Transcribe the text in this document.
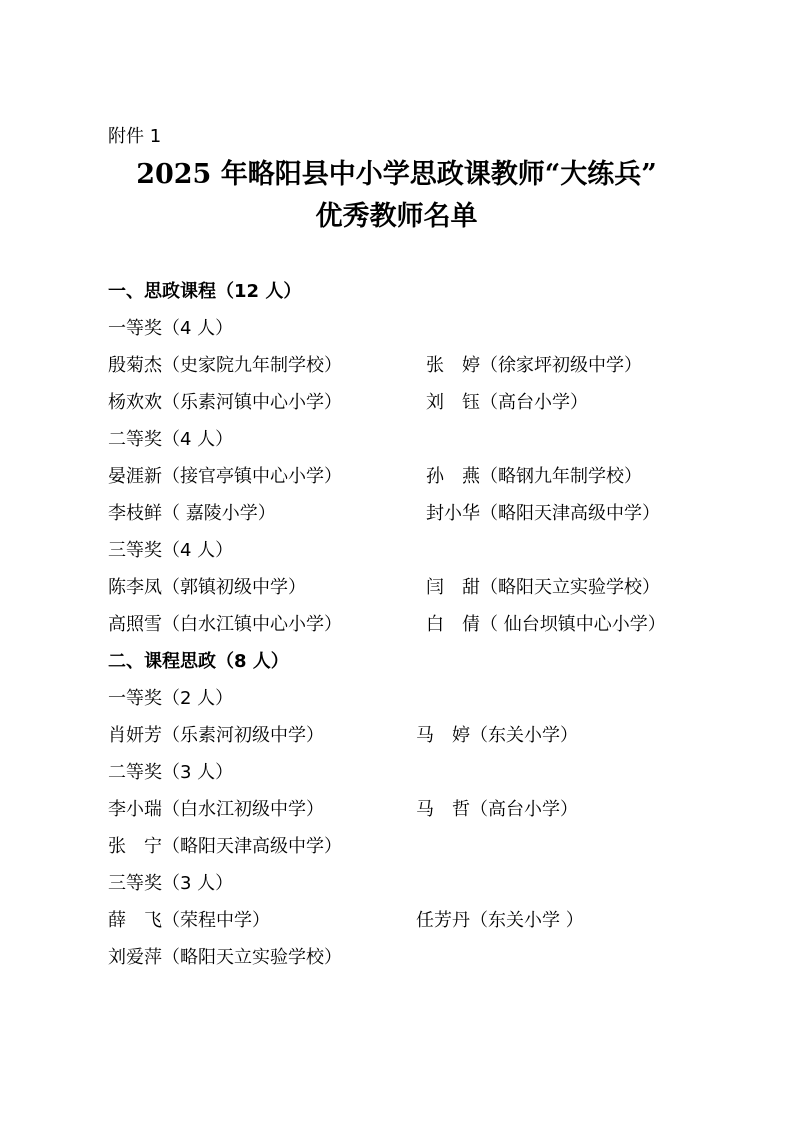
附件 1
2025 年略阳县中小学思政课教师“大练兵”
优秀教师名单
一、思政课程（12 人）
一等奖（4 人）
殷菊杰（史家院九年制学校）	张　婷（徐家坪初级中学）
杨欢欢（乐素河镇中心小学）	刘　钰（高台小学）
二等奖（4 人）
晏涯新（接官亭镇中心小学）	孙　燕（略钢九年制学校）
李枝鲜（ 嘉陵小学）	封小华（略阳天津高级中学）
三等奖（4 人）
陈李凤（郭镇初级中学）	闫　甜（略阳天立实验学校）
高照雪（白水江镇中心小学）	白　倩（ 仙台坝镇中心小学）
二、课程思政（8 人）
一等奖（2 人）
肖妍芳（乐素河初级中学）	马　婷（东关小学）
二等奖（3 人）
李小瑞（白水江初级中学）	马　哲（高台小学）
张　宁（略阳天津高级中学）
三等奖（3 人）
薛　飞（荣程中学）	任芳丹（东关小学 ）
刘爱萍（略阳天立实验学校）
